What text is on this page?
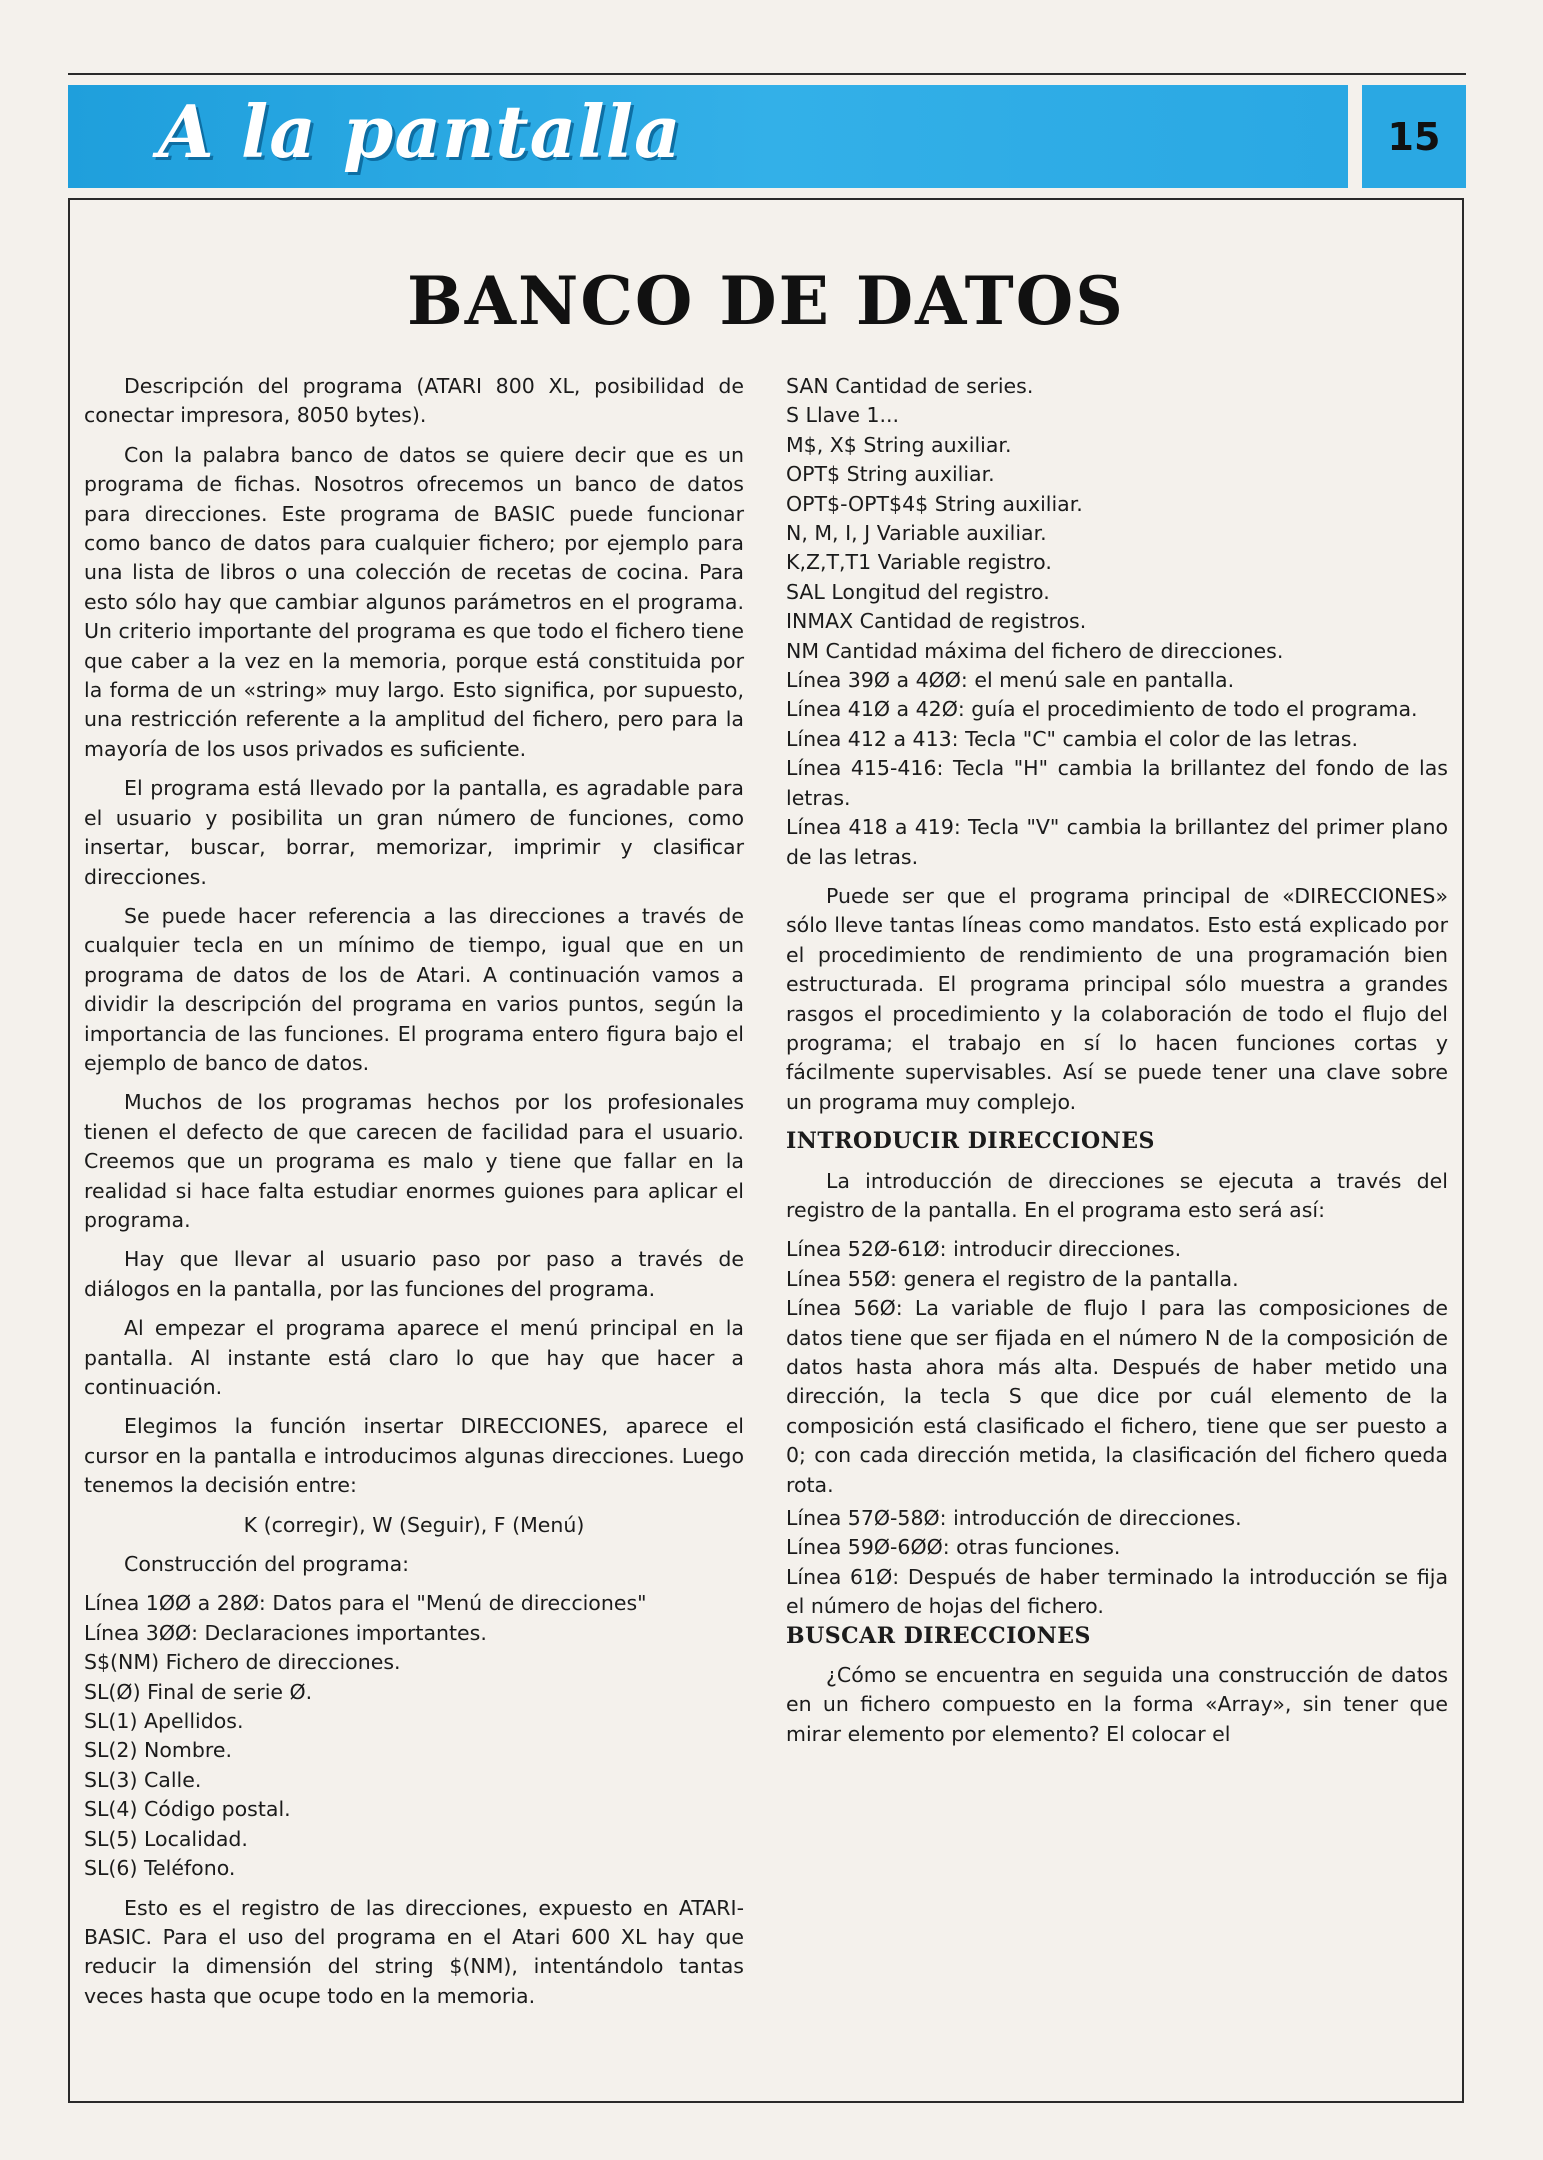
A la pantalla	15
BANCO DE DATOS

Descripción del programa (ATARI 800 XL, posibilidad de conectar impresora, 8050 bytes).

Con la palabra banco de datos se quiere decir que es un programa de fichas. Nosotros ofrecemos un banco de datos para direcciones. Este programa de BASIC puede funcionar como banco de datos para cualquier fichero; por ejemplo para una lista de libros o una colección de recetas de cocina. Para esto sólo hay que cambiar algunos parámetros en el programa. Un criterio importante del programa es que todo el fichero tiene que caber a la vez en la memoria, porque está constituida por la forma de un «string» muy largo. Esto significa, por supuesto, una restricción referente a la amplitud del fichero, pero para la mayoría de los usos privados es suficiente.

El programa está llevado por la pantalla, es agradable para el usuario y posibilita un gran número de funciones, como insertar, buscar, borrar, memorizar, imprimir y clasificar direcciones.

Se puede hacer referencia a las direcciones a través de cualquier tecla en un mínimo de tiempo, igual que en un programa de datos de los de Atari. A continuación vamos a dividir la descripción del programa en varios puntos, según la importancia de las funciones. El programa entero figura bajo el ejemplo de banco de datos.

Muchos de los programas hechos por los profesionales tienen el defecto de que carecen de facilidad para el usuario. Creemos que un programa es malo y tiene que fallar en la realidad si hace falta estudiar enormes guiones para aplicar el programa.

Hay que llevar al usuario paso por paso a través de diálogos en la pantalla, por las funciones del programa.

Al empezar el programa aparece el menú principal en la pantalla. Al instante está claro lo que hay que hacer a continuación.

Elegimos la función insertar DIRECCIONES, aparece el cursor en la pantalla e introducimos algunas direcciones. Luego tenemos la decisión entre:

K (corregir), W (Seguir), F (Menú)

Construcción del programa:

Línea 1ØØ a 28Ø: Datos para el "Menú de direcciones"

Línea 3ØØ: Declaraciones importantes.

S$(NM) Fichero de direcciones.

SL(Ø) Final de serie Ø.

SL(1) Apellidos.

SL(2) Nombre.

SL(3) Calle.

SL(4) Código postal.

SL(5) Localidad.

SL(6) Teléfono.

Esto es el registro de las direcciones, expuesto en ATARI-BASIC. Para el uso del programa en el Atari 600 XL hay que reducir la dimensión del string $(NM), intentándolo tantas veces hasta que ocupe todo en la memoria.

SAN Cantidad de series.

S Llave 1...

M$, X$ String auxiliar.

OPT$ String auxiliar.

OPT$-OPT$4$ String auxiliar.

N, M, I, J Variable auxiliar.

K,Z,T,T1 Variable registro.

SAL Longitud del registro.

INMAX Cantidad de registros.

NM Cantidad máxima del fichero de direcciones.

Línea 39Ø a 4ØØ: el menú sale en pantalla.

Línea 41Ø a 42Ø: guía el procedimiento de todo el programa.

Línea 412 a 413: Tecla "C" cambia el color de las letras.

Línea 415-416: Tecla "H" cambia la brillantez del fondo de las letras.

Línea 418 a 419: Tecla "V" cambia la brillantez del primer plano de las letras.

Puede ser que el programa principal de «DIRECCIONES» sólo lleve tantas líneas como mandatos. Esto está explicado por el procedimiento de rendimiento de una programación bien estructurada. El programa principal sólo muestra a grandes rasgos el procedimiento y la colaboración de todo el flujo del programa; el trabajo en sí lo hacen funciones cortas y fácilmente supervisables. Así se puede tener una clave sobre un programa muy complejo.

INTRODUCIR DIRECCIONES

La introducción de direcciones se ejecuta a través del registro de la pantalla. En el programa esto será así:

Línea 52Ø-61Ø: introducir direcciones.

Línea 55Ø: genera el registro de la pantalla.

Línea 56Ø: La variable de flujo I para las composiciones de datos tiene que ser fijada en el número N de la composición de datos hasta ahora más alta. Después de haber metido una dirección, la tecla S que dice por cuál elemento de la composición está clasificado el fichero, tiene que ser puesto a 0; con cada dirección metida, la clasificación del fichero queda rota.

Línea 57Ø-58Ø: introducción de direcciones.

Línea 59Ø-6ØØ: otras funciones.

Línea 61Ø: Después de haber terminado la introducción se fija el número de hojas del fichero.

BUSCAR DIRECCIONES

¿Cómo se encuentra en seguida una construcción de datos en un fichero compuesto en la forma «Array», sin tener que mirar elemento por elemento? El colocar el
